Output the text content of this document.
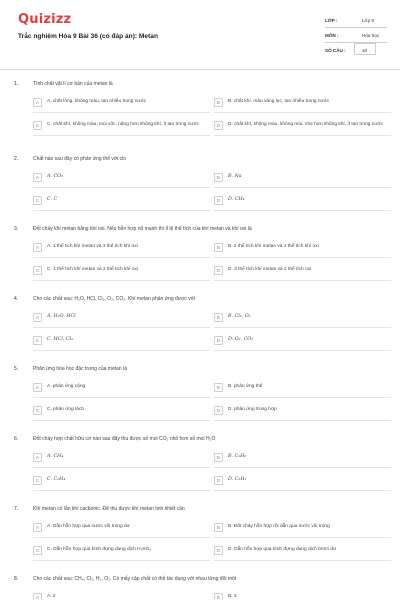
Quizizz
Trắc nghiệm Hóa 9 Bài 36 (có đáp án): Metan
LỚP :	Lớp 9
MÔN :	Hóa học
SỐ CÂU :	10
1.	Tính chất vật lí cơ bản của metan là
A	A. chất lỏng, không màu, tan nhiều trong nước	B	B. chất khí, màu vàng lục, tan nhiều trong nước
C	C. chất khí, không màu, mùi xốc, nặng hơn không khí, ít tan trong nước	D	D. chất khí, không màu, không mùi, nhẹ hơn không khí, ít tan trong nước
2.	Chất nào sau đây có phản ứng thế với clo
A	A. CO₂	B	B. Na
C	C. C	D	D. CH₄
3.	Đốt cháy khí metan bằng khí oxi. Nếu hỗn hợp nổ mạnh thì tỉ lệ thể tích của khí metan và khí oxi là
A	A. 1 thể tích khí metan và 3 thể tích khí oxi	B	B. 2 thể tích khí metan và 1 thể tích khí oxi
C	C. 1 thể tích khí metan và 2 thể tích khí oxi	D	D. 3 thể tích khí metan và 2 thể tích oxi
4.	Cho các chất sau: H₂O, HCl, Cl₂, O₂, CO₂. Khí metan phản ứng được với
A	A. H₂O, HCl	B	B. Cl₂, O₂
C	C. HCl, Cl₂	D	D. O₂, CO₂
5.	Phản ứng hóa học đặc trưng của metan là
A	A. phản ứng cộng	B	B. phản ứng thế
C	C. phản ứng tách	D	D. phản ứng trùng hợp
6.	Đốt cháy hợp chất hữu cơ nào sau đây thu được số mol CO₂ nhỏ hơn số mol H₂O
A	A. CH₄	B	B. C₆H₆
C	C. C₂H₄	D	D. C₂H₂
7.	Khí metan có lẫn khí cacbonic. Để thu được khí metan tinh khiết cần
A	A. Dẫn hỗn hợp qua nước vôi trong dư	B	B. Đốt cháy hỗn hợp rồi dẫn qua nước vôi trong
C	C. Dẫn hỗn hợp qua bình đựng dung dịch H₂SO₄	D	D. Dẫn hỗn hợp qua bình đựng dung dịch brom dư
8.	Cho các chất sau: CH₄, Cl₂, H₂, O₂. Có mấy cặp chất có thể tác dụng với nhau từng đôi một
A	A. 2	B	B. 3
